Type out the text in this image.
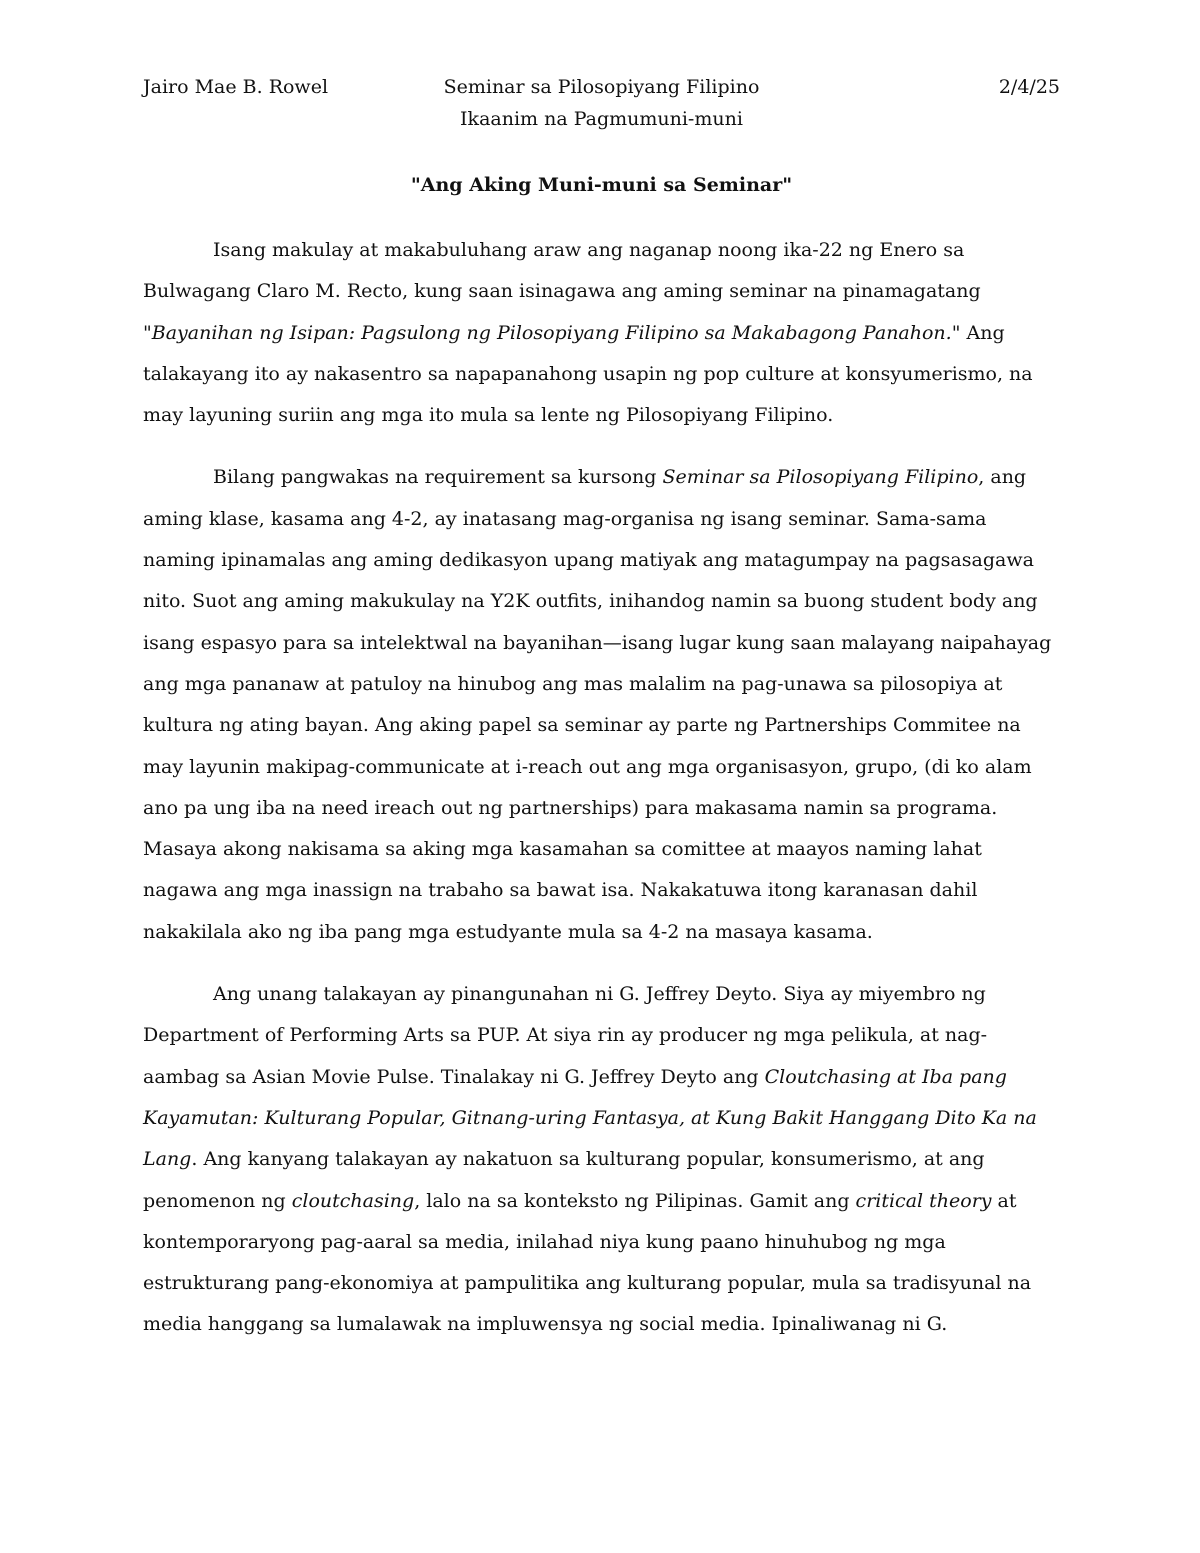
Jairo Mae B. Rowel	Seminar sa Pilosopiyang Filipino	2/4/25
Ikaanim na Pagmumuni-muni
"Ang Aking Muni-muni sa Seminar"

Isang makulay at makabuluhang araw ang naganap noong ika-22 ng Enero sa Bulwagang Claro M. Recto, kung saan isinagawa ang aming seminar na pinamagatang "Bayanihan ng Isipan: Pagsulong ng Pilosopiyang Filipino sa Makabagong Panahon." Ang talakayang ito ay nakasentro sa napapanahong usapin ng pop culture at konsyumerismo, na may layuning suriin ang mga ito mula sa lente ng Pilosopiyang Filipino.

Bilang pangwakas na requirement sa kursong Seminar sa Pilosopiyang Filipino, ang aming klase, kasama ang 4-2, ay inatasang mag-organisa ng isang seminar. Sama-sama naming ipinamalas ang aming dedikasyon upang matiyak ang matagumpay na pagsasagawa nito. Suot ang aming makukulay na Y2K outfits, inihandog namin sa buong student body ang isang espasyo para sa intelektwal na bayanihan—isang lugar kung saan malayang naipahayag ang mga pananaw at patuloy na hinubog ang mas malalim na pag-unawa sa pilosopiya at kultura ng ating bayan. Ang aking papel sa seminar ay parte ng Partnerships Commitee na may layunin makipag-communicate at i-reach out ang mga organisasyon, grupo, (di ko alam ano pa ung iba na need ireach out ng partnerships) para makasama namin sa programa. Masaya akong nakisama sa aking mga kasamahan sa comittee at maayos naming lahat nagawa ang mga inassign na trabaho sa bawat isa. Nakakatuwa itong karanasan dahil nakakilala ako ng iba pang mga estudyante mula sa 4-2 na masaya kasama.

Ang unang talakayan ay pinangunahan ni G. Jeffrey Deyto. Siya ay miyembro ng Department of Performing Arts sa PUP. At siya rin ay producer ng mga pelikula, at nag-aambag sa Asian Movie Pulse. Tinalakay ni G. Jeffrey Deyto ang Cloutchasing at Iba pang Kayamutan: Kulturang Popular, Gitnang-uring Fantasya, at Kung Bakit Hanggang Dito Ka na Lang. Ang kanyang talakayan ay nakatuon sa kulturang popular, konsumerismo, at ang penomenon ng cloutchasing, lalo na sa konteksto ng Pilipinas. Gamit ang critical theory at kontemporaryong pag-aaral sa media, inilahad niya kung paano hinuhubog ng mga estrukturang pang-ekonomiya at pampulitika ang kulturang popular, mula sa tradisyunal na media hanggang sa lumalawak na impluwensya ng social media. Ipinaliwanag ni G.
